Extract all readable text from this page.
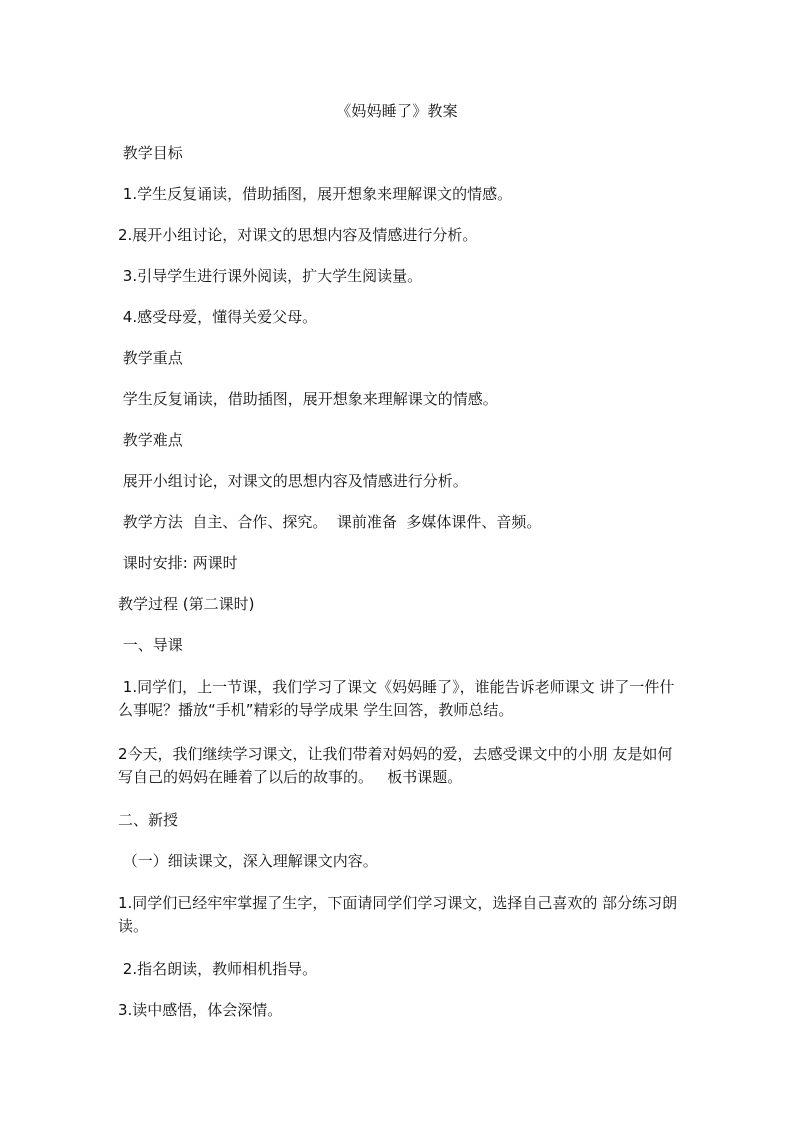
《妈妈睡了》教案

教学目标

1.学生反复诵读，借助插图，展开想象来理解课文的情感。

2.展开小组讨论，对课文的思想内容及情感进行分析。

3.引导学生进行课外阅读，扩大学生阅读量。

4.感受母爱，懂得关爱父母。

教学重点

学生反复诵读，借助插图，展开想象来理解课文的情感。

教学难点

展开小组讨论，对课文的思想内容及情感进行分析。

教学方法  自主、合作、探究。  课前准备  多媒体课件、音频。

课时安排: 两课时

教学过程 (第二课时)

一、导课

1.同学们，上一节课，我们学习了课文《妈妈睡了》，谁能告诉老师课文 讲了一件什么事呢？播放“手机”精彩的导学成果 学生回答，教师总结。

2今天，我们继续学习课文，让我们带着对妈妈的爱，去感受课文中的小朋 友是如何写自己的妈妈在睡着了以后的故事的。   板书课题。

二、新授

（一）细读课文，深入理解课文内容。

1.同学们已经牢牢掌握了生字，下面请同学们学习课文，选择自己喜欢的 部分练习朗读。

2.指名朗读，教师相机指导。

3.读中感悟，体会深情。
